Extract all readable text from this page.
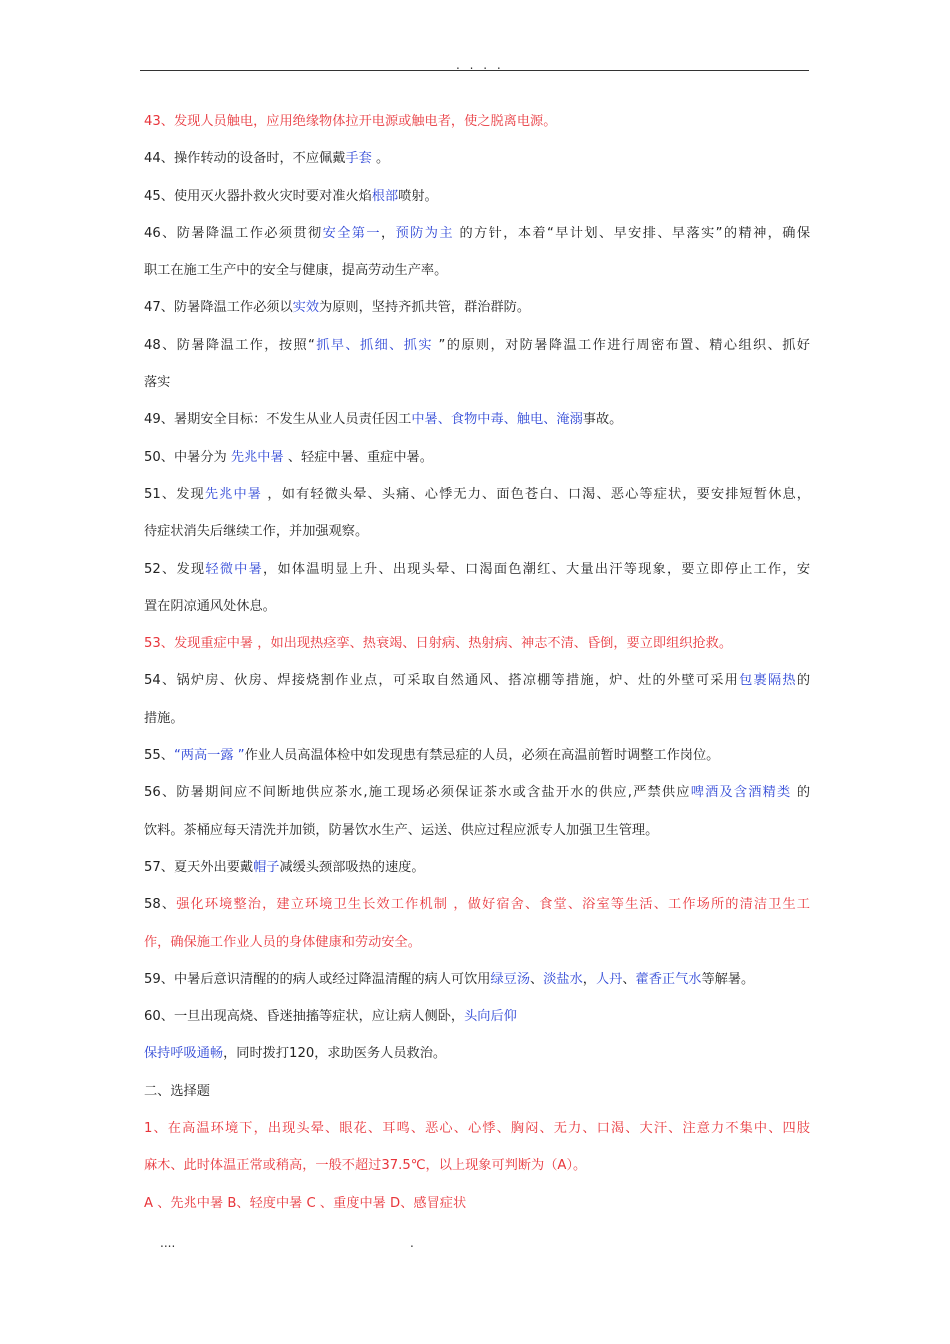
. . . .
43、发现人员触电，应用绝缘物体拉开电源或触电者，使之脱离电源。
44、操作转动的设备时，不应佩戴手套 。
45、使用灭火器扑救火灾时要对准火焰根部喷射。
46、防暑降温工作必须贯彻安全第一，预防为主 的方针，本着“早计划、早安排、早落实”的精神，确保
职工在施工生产中的安全与健康，提高劳动生产率。
47、防暑降温工作必须以实效为原则，坚持齐抓共管，群治群防。
48、防暑降温工作，按照“抓早、抓细、抓实 ”的原则，对防暑降温工作进行周密布置、精心组织、抓好
落实
49、暑期安全目标：不发生从业人员责任因工中暑、食物中毒、触电、淹溺事故。
50、中暑分为 先兆中暑 、轻症中暑、重症中暑。
51、发现先兆中暑 ，如有轻微头晕、头痛、心悸无力、面色苍白、口渴、恶心等症状，要安排短暂休息，
待症状消失后继续工作，并加强观察。
52、发现轻微中暑，如体温明显上升、出现头晕、口渴面色潮红、大量出汗等现象，要立即停止工作，安
置在阴凉通风处休息。
53、发现重症中暑 ，如出现热痉挛、热衰竭、日射病、热射病、神志不清、昏倒，要立即组织抢救。
54、锅炉房、伙房、焊接烧割作业点，可采取自然通风、搭凉棚等措施，炉、灶的外壁可采用包裹隔热的
措施。
55、“两高一露 ”作业人员高温体检中如发现患有禁忌症的人员，必须在高温前暂时调整工作岗位。
56、防暑期间应不间断地供应茶水,施工现场必须保证茶水或含盐开水的供应,严禁供应啤酒及含酒精类 的
饮料。茶桶应每天清洗并加锁，防暑饮水生产、运送、供应过程应派专人加强卫生管理。
57、夏天外出要戴帽子减缓头颈部吸热的速度。
58、强化环境整治，建立环境卫生长效工作机制 ，做好宿舍、食堂、浴室等生活、工作场所的清洁卫生工
作，确保施工作业人员的身体健康和劳动安全。
59、中暑后意识清醒的的病人或经过降温清醒的病人可饮用绿豆汤、淡盐水，人丹、藿香正气水等解暑。
60、一旦出现高烧、昏迷抽搐等症状，应让病人侧卧，头向后仰
保持呼吸通畅，同时拨打120，求助医务人员救治。
二、选择题
1、在高温环境下，出现头晕、眼花、耳鸣、恶心、心悸、胸闷、无力、口渴、大汗、注意力不集中、四肢
麻木、此时体温正常或稍高，一般不超过37.5℃，以上现象可判断为（A）。
A 、先兆中暑 B、轻度中暑 C 、重度中暑 D、感冒症状
....	.
